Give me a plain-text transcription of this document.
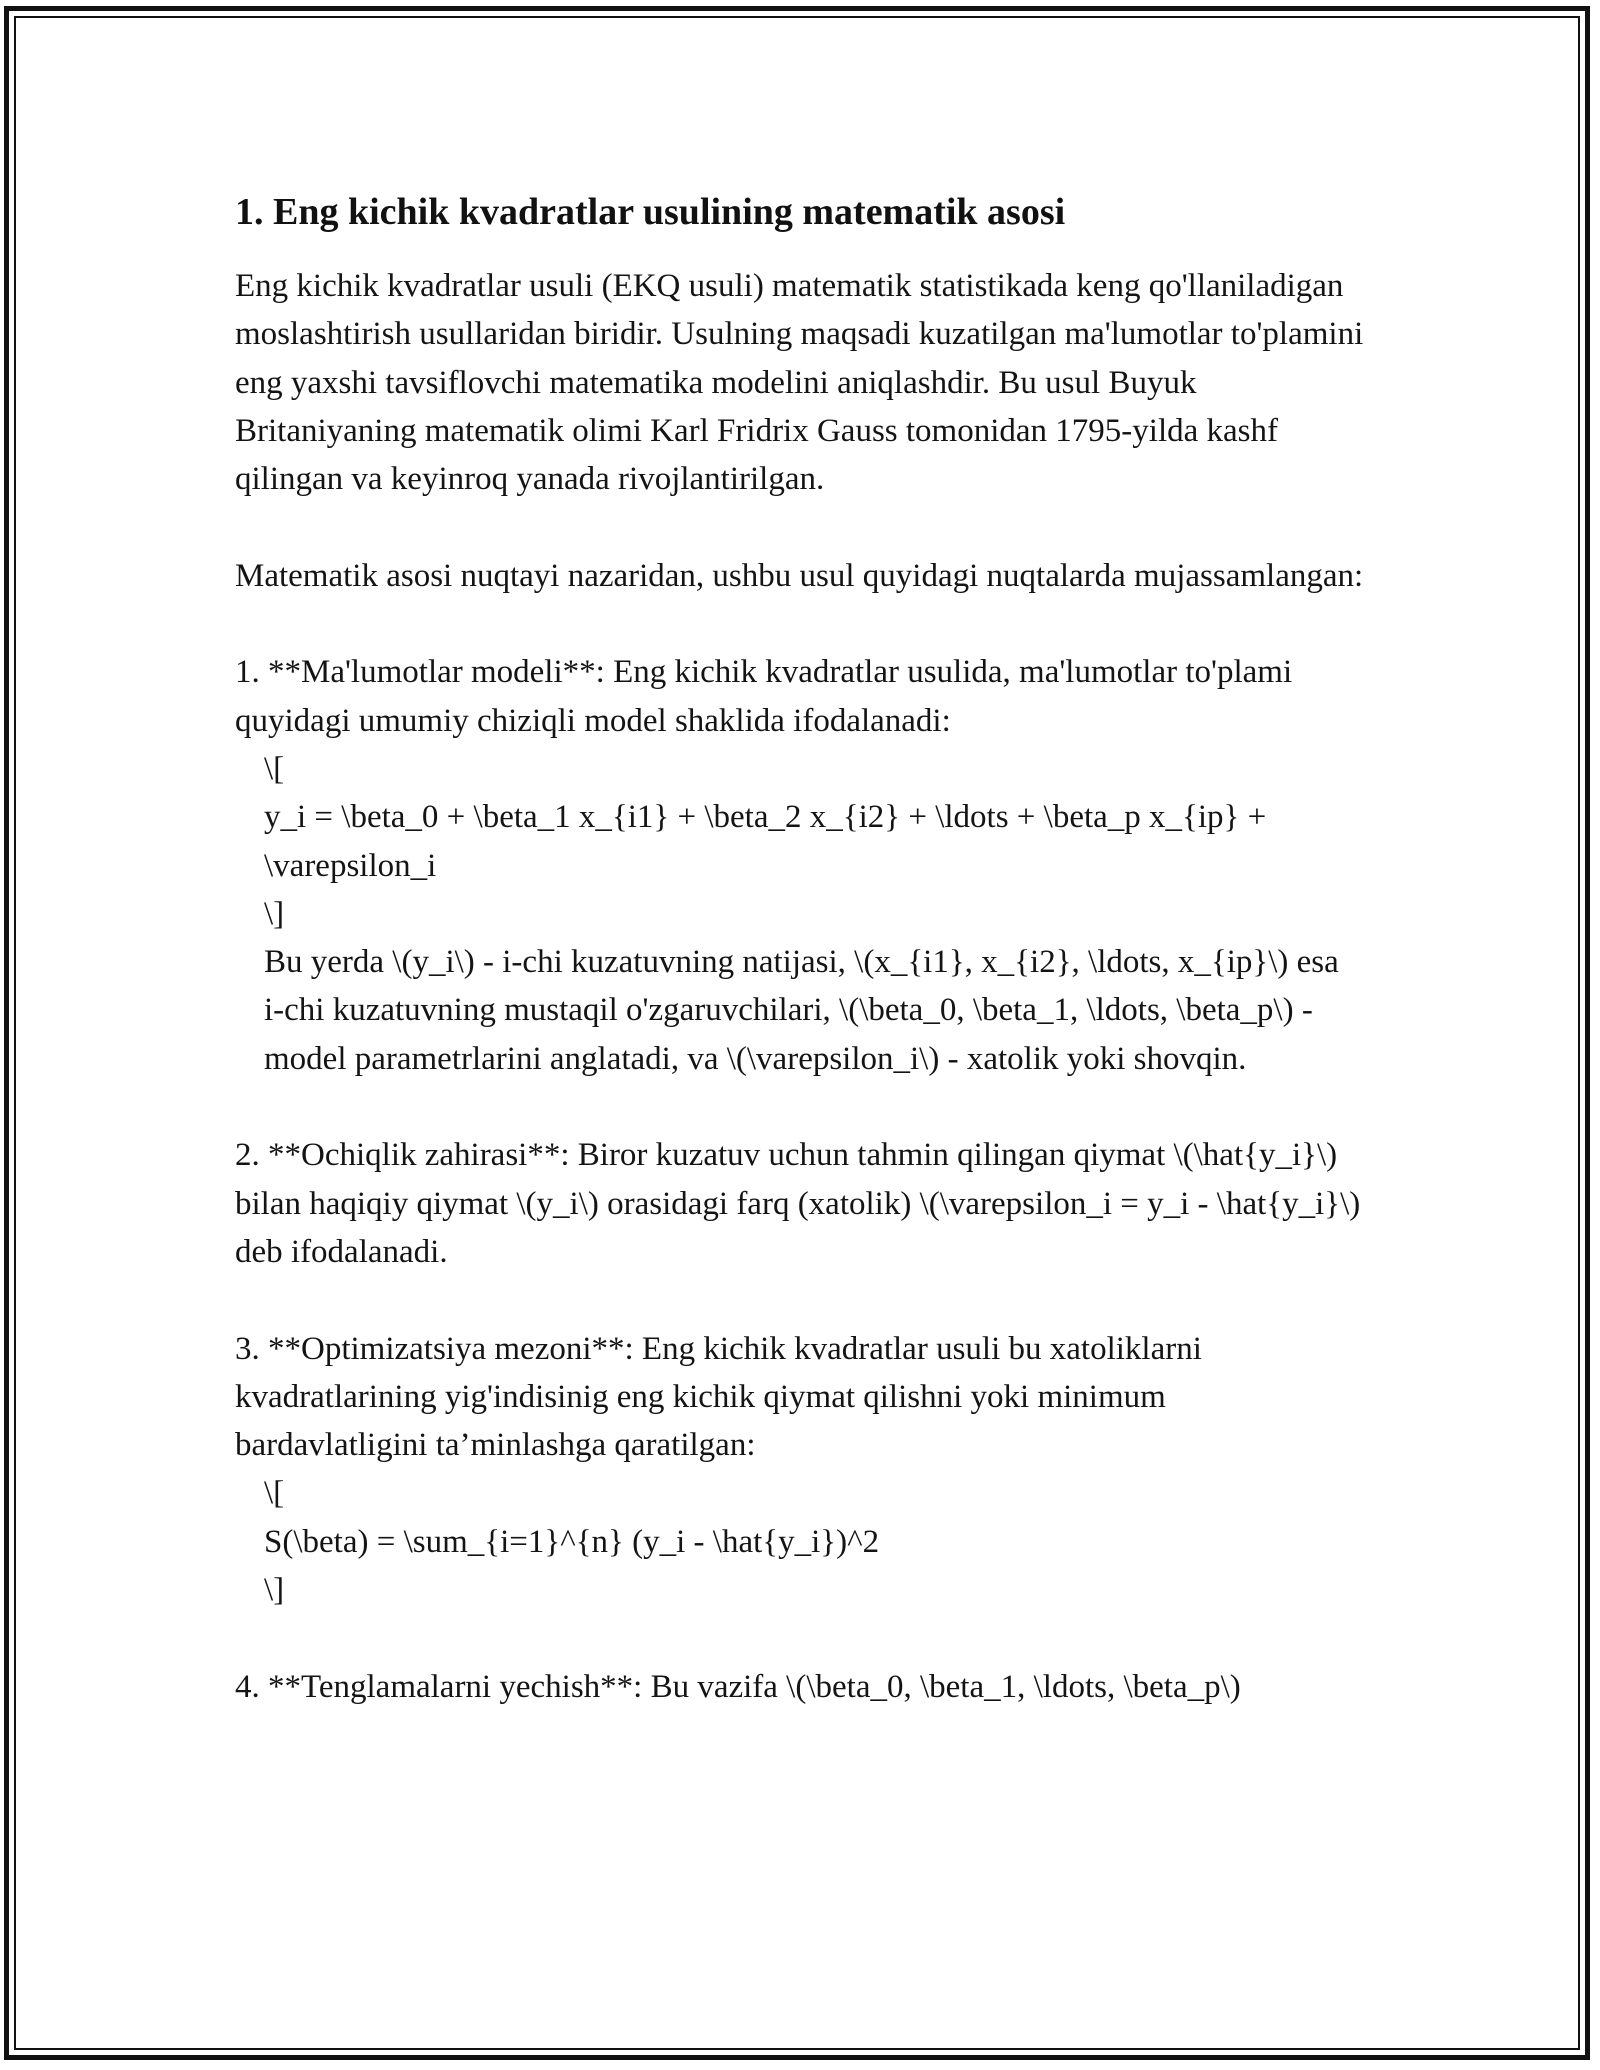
1. Eng kichik kvadratlar usulining matematik asosi

Eng kichik kvadratlar usuli (EKQ usuli) matematik statistikada keng qo'llaniladigan moslashtirish usullaridan biridir. Usulning maqsadi kuzatilgan ma'lumotlar to'plamini eng yaxshi tavsiflovchi matematika modelini aniqlashdir. Bu usul Buyuk Britaniyaning matematik olimi Karl Fridrix Gauss tomonidan 1795-yilda kashf qilingan va keyinroq yanada rivojlantirilgan.

Matematik asosi nuqtayi nazaridan, ushbu usul quyidagi nuqtalarda mujassamlangan:

1. **Ma'lumotlar modeli**: Eng kichik kvadratlar usulida, ma'lumotlar to'plami quyidagi umumiy chiziqli model shaklida ifodalanadi:

\[

y_i = \beta_0 + \beta_1 x_{i1} + \beta_2 x_{i2} + \ldots + \beta_p x_{ip} + \varepsilon_i

\]

Bu yerda \(y_i\) - i-chi kuzatuvning natijasi, \(x_{i1}, x_{i2}, \ldots, x_{ip}\) esa i-chi kuzatuvning mustaqil o'zgaruvchilari, \(\beta_0, \beta_1, \ldots, \beta_p\) - model parametrlarini anglatadi, va \(\varepsilon_i\) - xatolik yoki shovqin.

2. **Ochiqlik zahirasi**: Biror kuzatuv uchun tahmin qilingan qiymat \(\hat{y_i}\) bilan haqiqiy qiymat \(y_i\) orasidagi farq (xatolik) \(\varepsilon_i = y_i - \hat{y_i}\) deb ifodalanadi.

3. **Optimizatsiya mezoni**: Eng kichik kvadratlar usuli bu xatoliklarni kvadratlarining yig'indisinig eng kichik qiymat qilishni yoki minimum bardavlatligini ta’minlashga qaratilgan:

\[

S(\beta) = \sum_{i=1}^{n} (y_i - \hat{y_i})^2

\]

4. **Tenglamalarni yechish**: Bu vazifa \(\beta_0, \beta_1, \ldots, \beta_p\)
